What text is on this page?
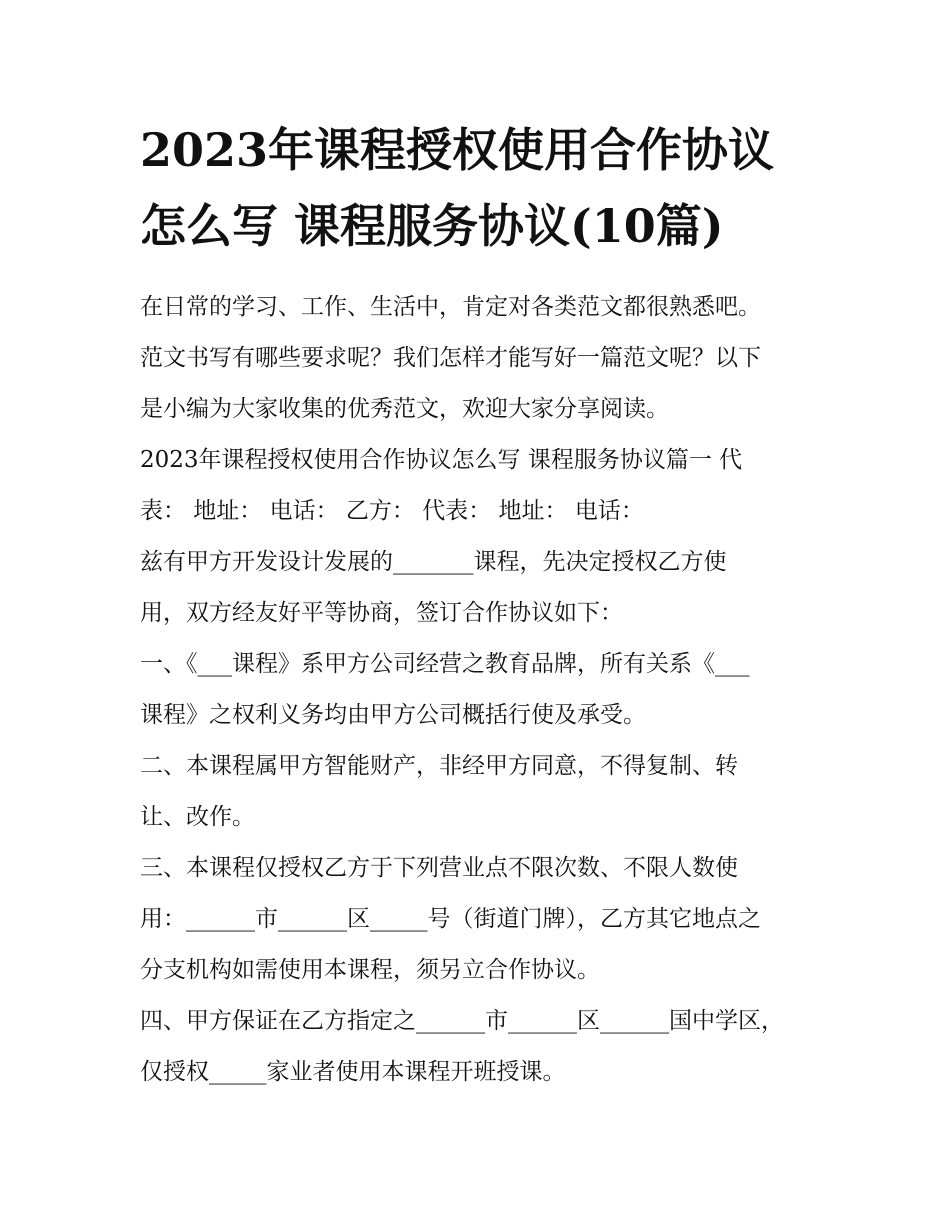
2023年课程授权使用合作协议
怎么写 课程服务协议(10篇)

在日常的学习、工作、生活中，肯定对各类范文都很熟悉吧。
范文书写有哪些要求呢？我们怎样才能写好一篇范文呢？以下
是小编为大家收集的优秀范文，欢迎大家分享阅读。

2023年课程授权使用合作协议怎么写 课程服务协议篇一 代
表： 地址： 电话： 乙方： 代表： 地址： 电话：

兹有甲方开发设计发展的_______课程，先决定授权乙方使
用，双方经友好平等协商，签订合作协议如下：

一、《___课程》系甲方公司经营之教育品牌，所有关系《___
课程》之权利义务均由甲方公司概括行使及承受。

二、本课程属甲方智能财产，非经甲方同意，不得复制、转
让、改作。

三、本课程仅授权乙方于下列营业点不限次数、不限人数使
用：______市______区_____号（街道门牌），乙方其它地点之
分支机构如需使用本课程，须另立合作协议。

四、甲方保证在乙方指定之______市______区______国中学区，
仅授权_____家业者使用本课程开班授课。
